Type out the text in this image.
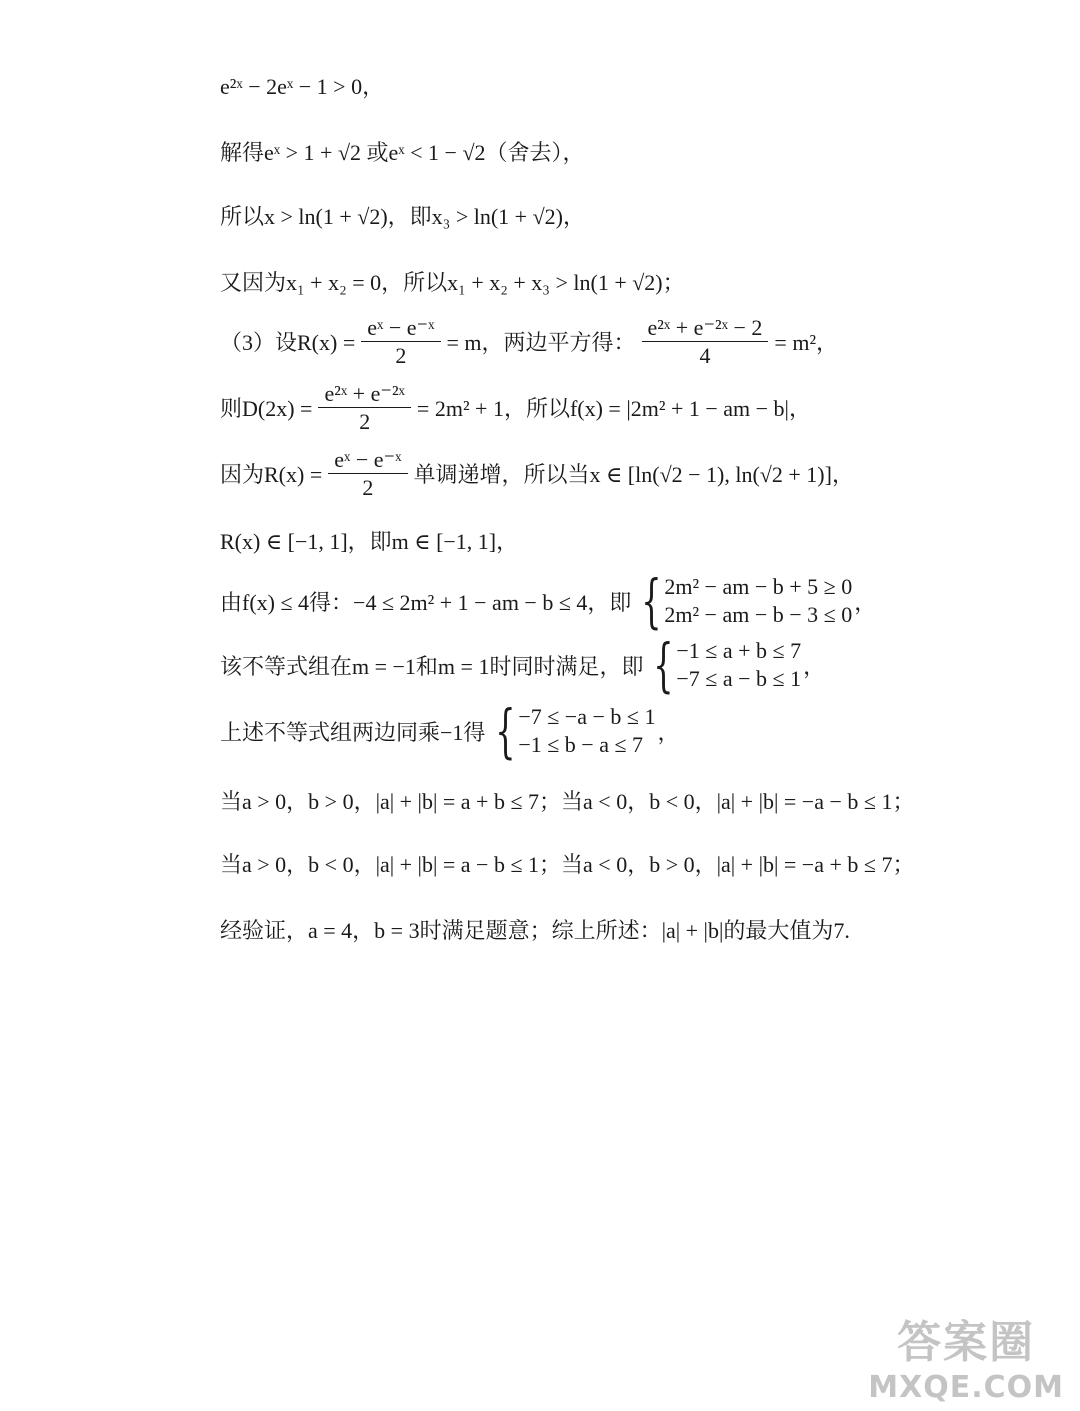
e²ˣ − 2eˣ − 1 > 0，
解得eˣ > 1 + √2 或eˣ < 1 − √2（舍去），
所以x > ln(1 + √2)，即x₃ > ln(1 + √2)，
又因为x₁ + x₂ = 0，所以x₁ + x₂ + x₃ > ln(1 + √2)；
（3）设$R(x) = \frac{\text{eˣ − e⁻ˣ}}{2} = m$，两边平方得： $\frac{\text{e²ˣ + e⁻²ˣ − 2}}{4} = m^2$，
则$D(2x) = \frac{\text{e²ˣ + e⁻²ˣ}}{2} = 2m^2 + 1$，所以f(x) = |2m² + 1 − am − b|，
因为$R(x) = \frac{\text{eˣ − e⁻ˣ}}{2}$ 单调递增，所以当x ∈ [ln(√2 − 1), ln(√2 + 1)]，
R(x) ∈ [−1, 1]，即m ∈ [−1, 1]，
由f(x) ≤ 4得：−4 ≤ 2m² + 1 − am − b ≤ 4，即 { 2m² − am − b + 5 ≥ 0
2m² − am − b − 3 ≤ 0 ，
该不等式组在m = −1和m = 1时同时满足，即 { −1 ≤ a + b ≤ 7
−7 ≤ a − b ≤ 1 ，
上述不等式组两边同乘−1得 { −7 ≤ −a − b ≤ 1
−1 ≤ b − a ≤ 7 ，
当a > 0，b > 0，|a| + |b| = a + b ≤ 7；当a < 0，b < 0，|a| + |b| = −a − b ≤ 1；
当a > 0，b < 0，|a| + |b| = a − b ≤ 1；当a < 0，b > 0，|a| + |b| = −a + b ≤ 7；
经验证，a = 4，b = 3时满足题意；综上所述：|a| + |b|的最大值为7.
答案圈
MXQE.COM
